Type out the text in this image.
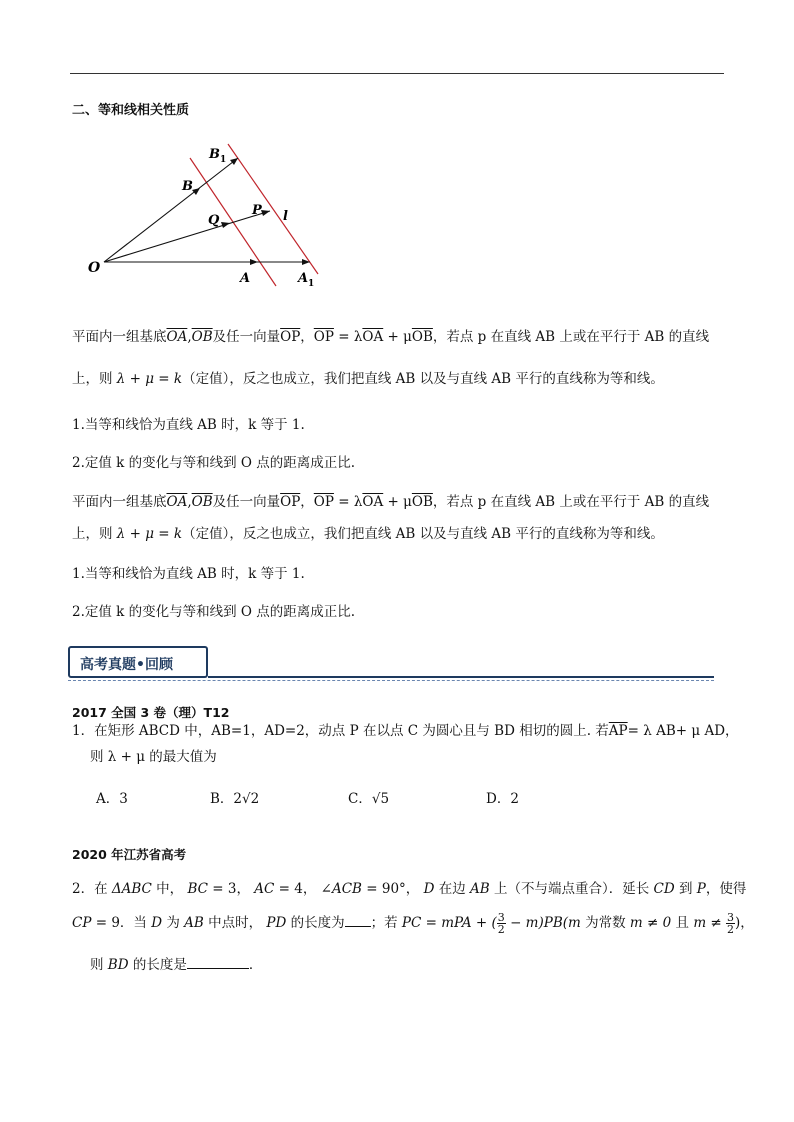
二、等和线相关性质
O
A	A 1
B
B 1
Q
P l
平面内一组基底$\overline{OA},\overline{OB}$及任一向量$\overline{OP}$，$\overline{OP} = \lambda\overline{OA} + \mu\overline{OB}$，若点 p 在直线 AB 上或在平行于 AB 的直线
上，则 λ + μ = k（定值），反之也成立，我们把直线 AB 以及与直线 AB 平行的直线称为等和线。
1.当等和线恰为直线 AB 时，k 等于 1.
2.定值 k 的变化与等和线到 O 点的距离成正比.
平面内一组基底$\overline{OA},\overline{OB}$及任一向量$\overline{OP}$，$\overline{OP} = \lambda\overline{OA} + \mu\overline{OB}$，若点 p 在直线 AB 上或在平行于 AB 的直线
上，则 λ + μ = k（定值），反之也成立，我们把直线 AB 以及与直线 AB 平行的直线称为等和线。
1.当等和线恰为直线 AB 时，k 等于 1.
2.定值 k 的变化与等和线到 O 点的距离成正比.
高考真题•回顾
2017 全国 3 卷（理）T12
1．在矩形 ABCD 中，AB=1，AD=2，动点 P 在以点 C 为圆心且与 BD 相切的圆上. 若$\overline{AP}= \lambda$ AB+ μ AD，
则 λ + μ 的最大值为
A．3	B．2√2	C．√5	D．2
2020 年江苏省高考
2．在 ΔABC 中， BC = 3， AC = 4， ∠ACB = 90°， D 在边 AB 上（不与端点重合）．延长 CD 到 P，使得
CP = 9．当 D 为 AB 中点时， PD 的长度为 ；若 PC = mPA + ( $\frac{3}{2} - m)PB(m$ 为常数 m ≠ 0 且 $m \ne \frac{3}{2}$ )，
则 BD 的长度是	．
